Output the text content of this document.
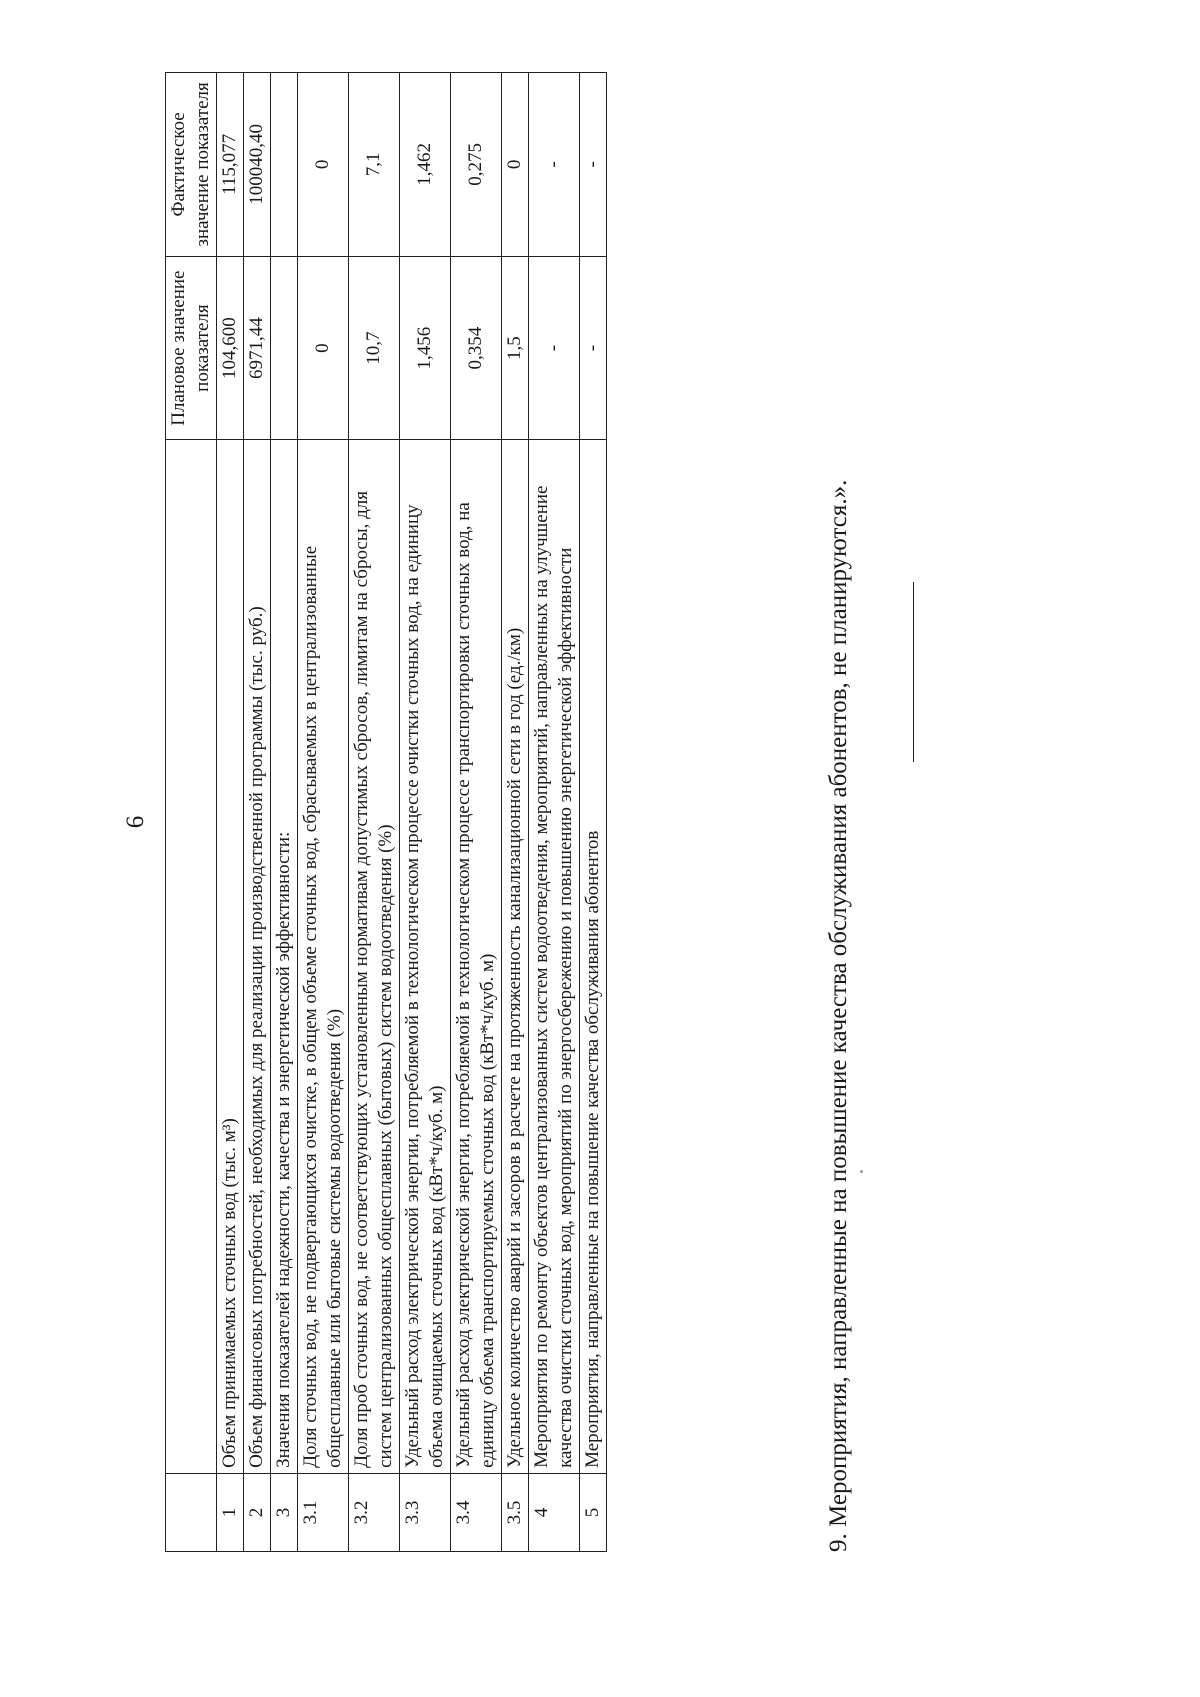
6
		Плановое значение показателя	Фактическое значение показателя
1	Объем принимаемых сточных вод (тыс. м³)	104,600	115,077
2	Объем финансовых потребностей, необходимых для реализации производственной программы (тыс. руб.)	6971,44	100040,40
3	Значения показателей надежности, качества и энергетической эффективности:		
3.1	Доля сточных вод, не подвергающихся очистке, в общем объеме сточных вод, сбрасываемых в централизованные общесплавные или бытовые системы водоотведения (%)	0	0
3.2	Доля проб сточных вод, не соответствующих установленным нормативам допустимых сбросов, лимитам на сбросы, для систем централизованных общесплавных (бытовых) систем водоотведения (%)	10,7	7,1
3.3	Удельный расход электрической энергии, потребляемой в технологическом процессе очистки сточных вод, на единицу объема очищаемых сточных вод (кВт*ч/куб. м)	1,456	1,462
3.4	Удельный расход электрической энергии, потребляемой в технологическом процессе транспортировки сточных вод, на единицу объема транспортируемых сточных вод (кВт*ч/куб. м)	0,354	0,275
3.5	Удельное количество аварий и засоров в расчете на протяженность канализационной сети в год (ед./км)	1,5	0
4	Мероприятия по ремонту объектов централизованных систем водоотведения, мероприятий, направленных на улучшение качества очистки сточных вод, мероприятий по энергосбережению и повышению энергетической эффективности	-	-
5	Мероприятия, направленные на повышение качества обслуживания абонентов	-	-
9. Мероприятия, направленные на повышение качества обслуживания абонентов, не планируются.».
